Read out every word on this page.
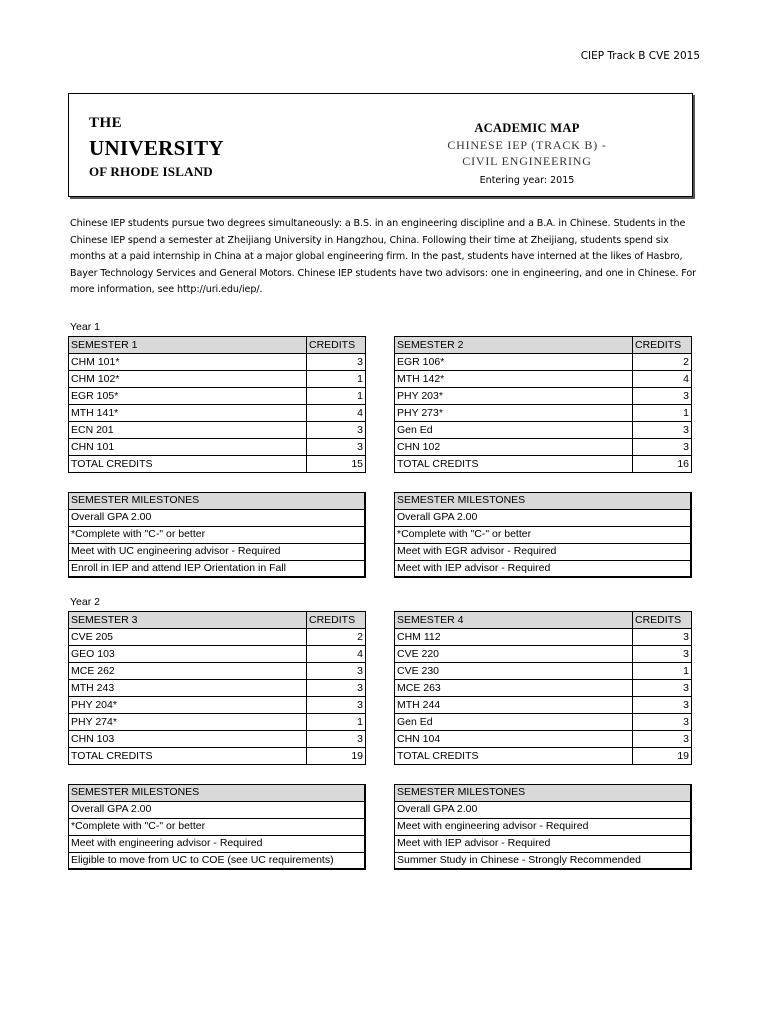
CIEP Track B CVE 2015
THE
UNIVERSITY
OF RHODE ISLAND
ACADEMIC MAP
CHINESE IEP (TRACK B) -
CIVIL ENGINEERING
Entering year: 2015
Chinese IEP students pursue two degrees simultaneously: a B.S. in an engineering discipline and a B.A. in Chinese. Students in the Chinese IEP spend a semester at Zheijiang University in Hangzhou, China. Following their time at Zheijiang, students spend six months at a paid internship in China at a major global engineering firm. In the past, students have interned at the likes of Hasbro, Bayer Technology Services and General Motors. Chinese IEP students have two advisors: one in engineering, and one in Chinese. For more information, see http://uri.edu/iep/.
Year 1
SEMESTER 1	CREDITS
CHM 101*	3
CHM 102*	1
EGR 105*	1
MTH 141*	4
ECN 201	3
CHN 101	3
TOTAL CREDITS	15
SEMESTER MILESTONES
Overall GPA 2.00
*Complete with "C-" or better
Meet with UC engineering advisor - Required
Enroll in IEP and attend IEP Orientation in Fall
SEMESTER 2	CREDITS
EGR 106*	2
MTH 142*	4
PHY 203*	3
PHY 273*	1
Gen Ed	3
CHN 102	3
TOTAL CREDITS	16
SEMESTER MILESTONES
Overall GPA 2.00
*Complete with "C-" or better
Meet with EGR advisor - Required
Meet with IEP advisor - Required
Year 2
SEMESTER 3	CREDITS
CVE 205	2
GEO 103	4
MCE 262	3
MTH 243	3
PHY 204*	3
PHY 274*	1
CHN 103	3
TOTAL CREDITS	19
SEMESTER MILESTONES
Overall GPA 2.00
*Complete with "C-" or better
Meet with engineering advisor - Required
Eligible to move from UC to COE (see UC requirements)
SEMESTER 4	CREDITS
CHM 112	3
CVE 220	3
CVE 230	1
MCE 263	3
MTH 244	3
Gen Ed	3
CHN 104	3
TOTAL CREDITS	19
SEMESTER MILESTONES
Overall GPA 2.00
Meet with engineering advisor - Required
Meet with IEP advisor - Required
Summer Study in Chinese - Strongly Recommended
